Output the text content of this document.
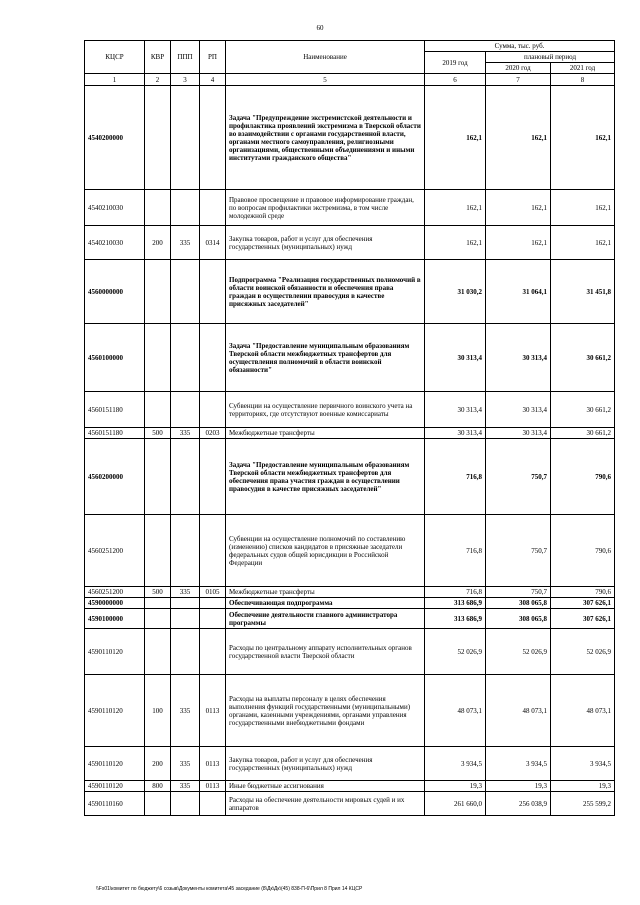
60
КЦСР	КВР	ППП	РП	Наименование	Сумма, тыс. руб.		
					2019 год	плановый период	
						2020 год	2021 год
1	2	3	4	5	6	7	8
4540200000				Задача "Предупреждение экстремистской деятельности и профилактика проявлений экстремизма в Тверской области во взаимодействии с органами государственной власти, органами местного самоуправления, религиозными организациями, общественными объединениями и иными институтами гражданского общества"	162,1	162,1	162,1
4540210030				Правовое просвещение и правовое информирование граждан, по вопросам профилактики экстремизма, в том числе молодежной среде	162,1	162,1	162,1
4540210030	200	335	0314	Закупка товаров, работ и услуг для обеспечения государственных (муниципальных) нужд	162,1	162,1	162,1
4560000000				Подпрограмма "Реализация государственных полномочий в области воинской обязанности и обеспечения права граждан в осуществлении правосудия в качестве присяжных заседателей"	31 030,2	31 064,1	31 451,8
4560100000				Задача "Предоставление муниципальным образованиям Тверской области межбюджетных трансфертов для осуществления полномочий в области воинской обязанности"	30 313,4	30 313,4	30 661,2
4560151180				Субвенции на осуществление первичного воинского учета на территориях, где отсутствуют военные комиссариаты	30 313,4	30 313,4	30 661,2
4560151180	500	335	0203	Межбюджетные трансферты	30 313,4	30 313,4	30 661,2
4560200000				Задача "Предоставление муниципальным образованиям Тверской области межбюджетных трансфертов для обеспечения права участия граждан в осуществлении правосудия в качестве присяжных заседателей"	716,8	750,7	790,6
4560251200				Субвенции на осуществление полномочий по составлению (изменению) списков кандидатов в присяжные заседатели федеральных судов общей юрисдикции в Российской Федерации	716,8	750,7	790,6
4560251200	500	335	0105	Межбюджетные трансферты	716,8	750,7	790,6
4590000000				Обеспечивающая подпрограмма	313 686,9	308 065,8	307 626,1
4590100000				Обеспечение деятельности главного администратора программы	313 686,9	308 065,8	307 626,1
4590110120				Расходы по центральному аппарату исполнительных органов государственной власти Тверской области	52 026,9	52 026,9	52 026,9
4590110120	100	335	0113	Расходы на выплаты персоналу в целях обеспечения выполнения функций государственными (муниципальными) органами, казенными учреждениями, органами управления государственными внебюджетными фондами	48 073,1	48 073,1	48 073,1
4590110120	200	335	0113	Закупка товаров, работ и услуг для обеспечения государственных (муниципальных) нужд	3 934,5	3 934,5	3 934,5
4590110120	800	335	0113	Иные бюджетные ассигнования	19,3	19,3	19,3
4590110160				Расходы на обеспечение деятельности мировых судей и их аппаратов	261 660,0	256 038,9	255 599,2
\\Fs01\комитет по бюджету\6 созыв\Документы комитета\45 заседание (8\Дк\Дк\(45) 838-П-6\Прил 8 Прил 14 КЦСР
